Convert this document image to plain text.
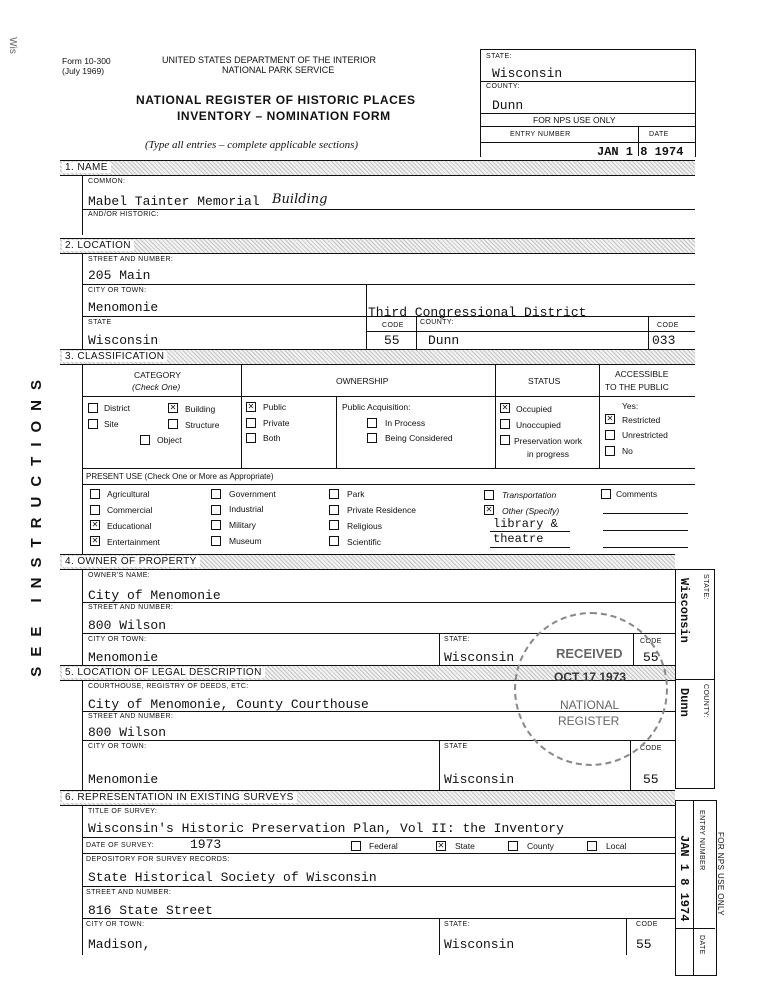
Wis
SEE INSTRUCTIONS
Form 10-300
(July 1969)
UNITED STATES DEPARTMENT OF THE INTERIOR
NATIONAL PARK SERVICE
NATIONAL REGISTER OF HISTORIC PLACES
INVENTORY – NOMINATION FORM
(Type all entries – complete applicable sections)
STATE:
Wisconsin
COUNTY:
Dunn
FOR NPS USE ONLY
ENTRY NUMBER	DATE
JAN 1 8 1974
1. NAME
COMMON:
Mabel Tainter Memorial Building
AND/OR HISTORIC:
2. LOCATION
STREET AND NUMBER:
205 Main
CITY OR TOWN:
Menomonie	Third Congressional District
STATE
Wisconsin
CODE
55
COUNTY:
Dunn
CODE
033
3. CLASSIFICATION
CATEGORY
(Check One)
OWNERSHIP	STATUS
ACCESSIBLE
TO THE PUBLIC
District	✕ Building
Site	Structure
Object
✕ Public
Private
Both
Public Acquisition:
In Process
Being Considered
✕ Occupied
Unoccupied
Preservation work
in progress
Yes:
✕ Restricted
Unrestricted
No
PRESENT USE (Check One or More as Appropriate)
Agricultural
Commercial
✕ Educational
✕ Entertainment
Government
Industrial
Military
Museum
Park
Private Residence
Religious
Scientific
Transportation
✕ Other (Specify)
library &
theatre
Comments
4. OWNER OF PROPERTY
OWNER'S NAME:
City of Menomonie
STREET AND NUMBER:
800 Wilson
CITY OR TOWN:
Menomonie
STATE:
Wisconsin
CODE
55
STATE:
Wisconsin
5. LOCATION OF LEGAL DESCRIPTION
COURTHOUSE, REGISTRY OF DEEDS, ETC:
City of Menomonie, County Courthouse
STREET AND NUMBER:
800 Wilson
CITY OR TOWN:
Menomonie
STATE
Wisconsin
CODE
55
COUNTY:
Dunn
RECEIVED
OCT 17 1973
NATIONAL
REGISTER
6. REPRESENTATION IN EXISTING SURVEYS
TITLE OF SURVEY:
Wisconsin's Historic Preservation Plan, Vol II: the Inventory
DATE OF SURVEY:	1973	Federal	✕ State	County	Local
DEPOSITORY FOR SURVEY RECORDS:
State Historical Society of Wisconsin
STREET AND NUMBER:
816 State Street
CITY OR TOWN:
Madison,
STATE:
Wisconsin
CODE
55
FOR NPS USE ONLY
ENTRY NUMBER
DATE
JAN 1 8 1974
